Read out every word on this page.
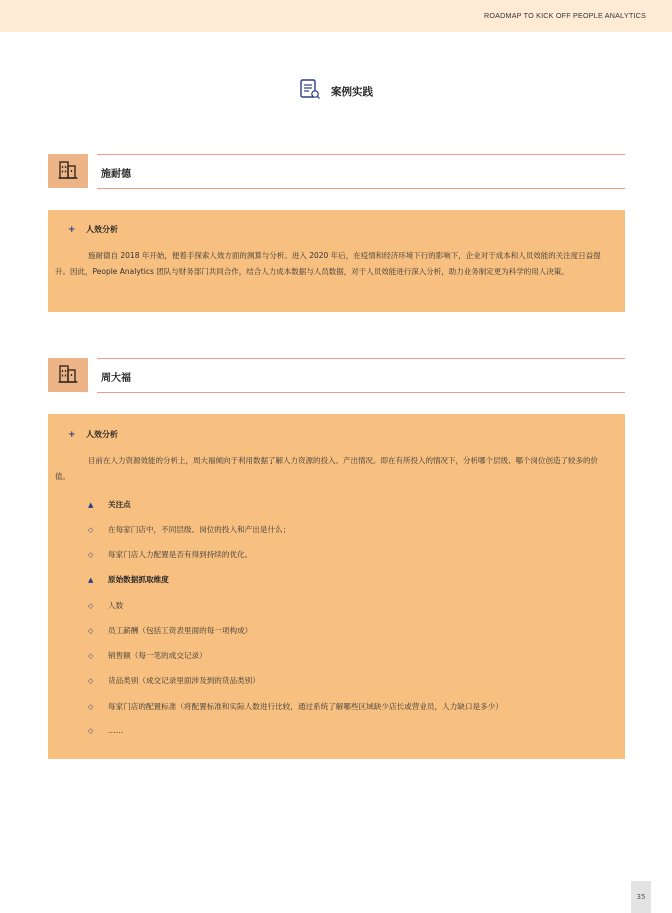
ROADMAP TO KICK OFF PEOPLE ANALYTICS
案例实践
施耐德
+	人效分析

施耐德自 2018 年开始，便着手探索人效方面的测算与分析。进入 2020 年后，在疫情和经济环境下行的影响下，企业对于成本和人员效能的关注度日益提升。因此，People Analytics 团队与财务部门共同合作，结合人力成本数据与人员数据，对于人员效能进行深入分析，助力业务制定更为科学的用人决策。

周大福
+	人效分析

目前在人力资源效能的分析上，周大福倾向于利用数据了解人力资源的投入、产出情况。即在有所投入的情况下，分析哪个层级、哪个岗位创造了较多的价值。

▲	关注点
◇	在每家门店中，不同层级、岗位的投入和产出是什么；
◇	每家门店人力配置是否有得到持续的优化。
▲	原始数据抓取维度
◇	人数
◇	员工薪酬（包括工资表里面的每一项构成）
◇	销售额（每一笔的成交记录）
◇	货品类别（成交记录里面涉及到的货品类别）
◇	每家门店的配置标准（将配置标准和实际人数进行比较，通过系统了解哪些区域缺少店长或营业员，人力缺口是多少）
◇	……
35
